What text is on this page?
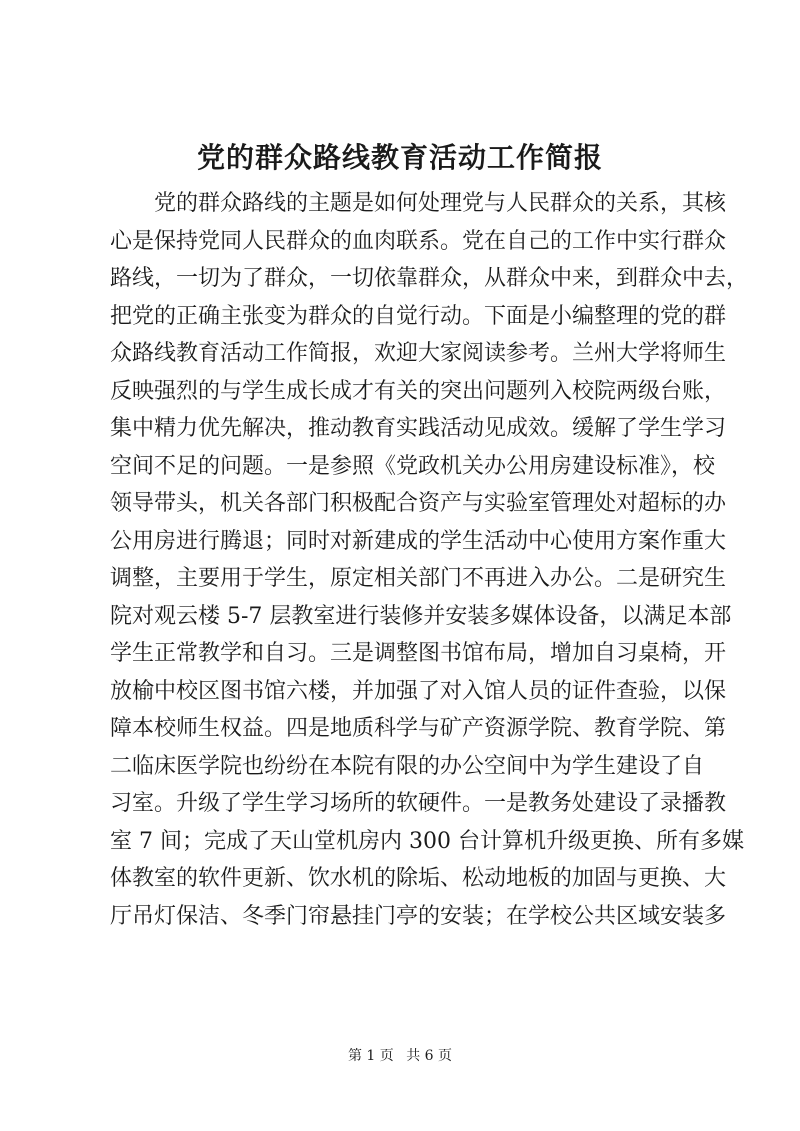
党的群众路线教育活动工作简报
党的群众路线的主题是如何处理党与人民群众的关系，其核
心是保持党同人民群众的血肉联系。党在自己的工作中实行群众
路线，一切为了群众，一切依靠群众，从群众中来，到群众中去，
把党的正确主张变为群众的自觉行动。下面是小编整理的党的群
众路线教育活动工作简报，欢迎大家阅读参考。兰州大学将师生
反映强烈的与学生成长成才有关的突出问题列入校院两级台账，
集中精力优先解决，推动教育实践活动见成效。缓解了学生学习
空间不足的问题。一是参照《党政机关办公用房建设标准》，校
领导带头，机关各部门积极配合资产与实验室管理处对超标的办
公用房进行腾退；同时对新建成的学生活动中心使用方案作重大
调整，主要用于学生，原定相关部门不再进入办公。二是研究生
院对观云楼 5-7 层教室进行装修并安装多媒体设备，以满足本部
学生正常教学和自习。三是调整图书馆布局，增加自习桌椅，开
放榆中校区图书馆六楼，并加强了对入馆人员的证件查验，以保
障本校师生权益。四是地质科学与矿产资源学院、教育学院、第
二临床医学院也纷纷在本院有限的办公空间中为学生建设了自
习室。升级了学生学习场所的软硬件。一是教务处建设了录播教
室 7 间；完成了天山堂机房内 300 台计算机升级更换、所有多媒
体教室的软件更新、饮水机的除垢、松动地板的加固与更换、大
厅吊灯保洁、冬季门帘悬挂门亭的安装；在学校公共区域安装多
第 1 页 共 6 页
